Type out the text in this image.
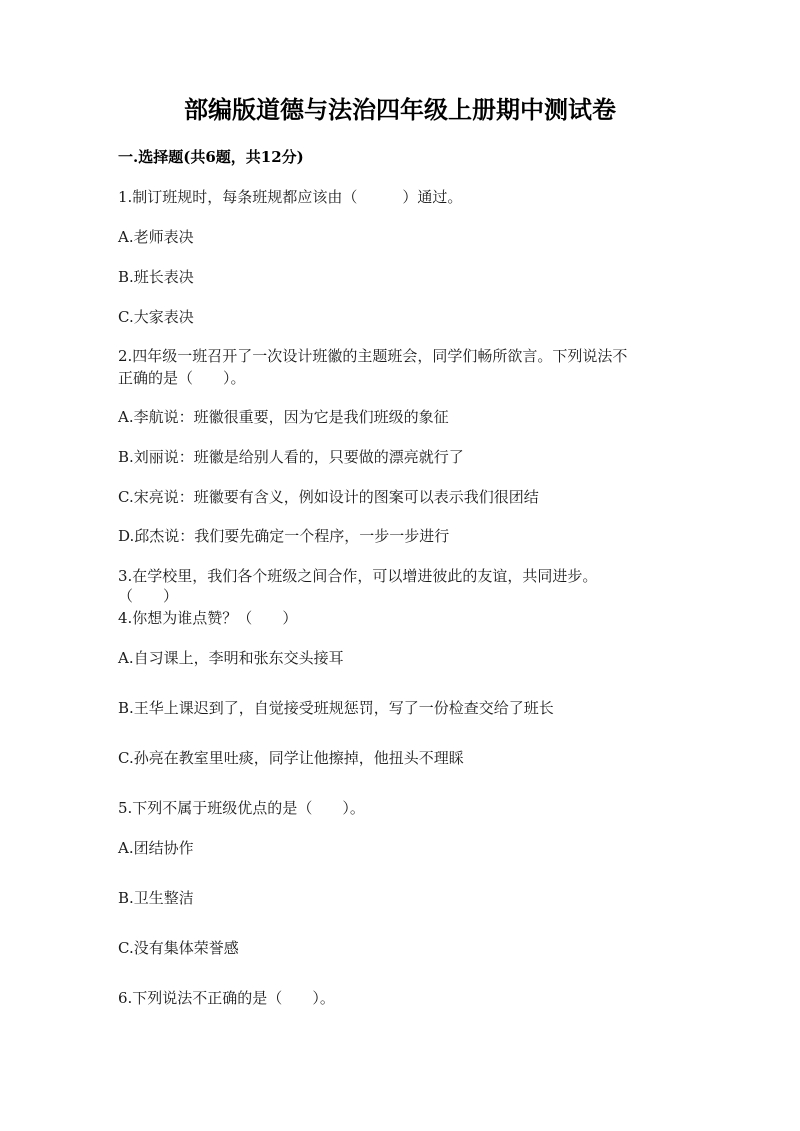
部编版道德与法治四年级上册期中测试卷
一.选择题(共6题，共12分)
1.制订班规时，每条班规都应该由（　　　）通过。
A.老师表决
B.班长表决
C.大家表决
2.四年级一班召开了一次设计班徽的主题班会，同学们畅所欲言。下列说法不
正确的是（　　）。
A.李航说：班徽很重要，因为它是我们班级的象征
B.刘丽说：班徽是给别人看的，只要做的漂亮就行了
C.宋亮说：班徽要有含义，例如设计的图案可以表示我们很团结
D.邱杰说：我们要先确定一个程序，一步一步进行
3.在学校里，我们各个班级之间合作，可以增进彼此的友谊，共同进步。
（　　）
4.你想为谁点赞？（　　）
A.自习课上，李明和张东交头接耳
B.王华上课迟到了，自觉接受班规惩罚，写了一份检查交给了班长
C.孙亮在教室里吐痰，同学让他擦掉，他扭头不理睬
5.下列不属于班级优点的是（　　）。
A.团结协作
B.卫生整洁
C.没有集体荣誉感
6.下列说法不正确的是（　　）。
